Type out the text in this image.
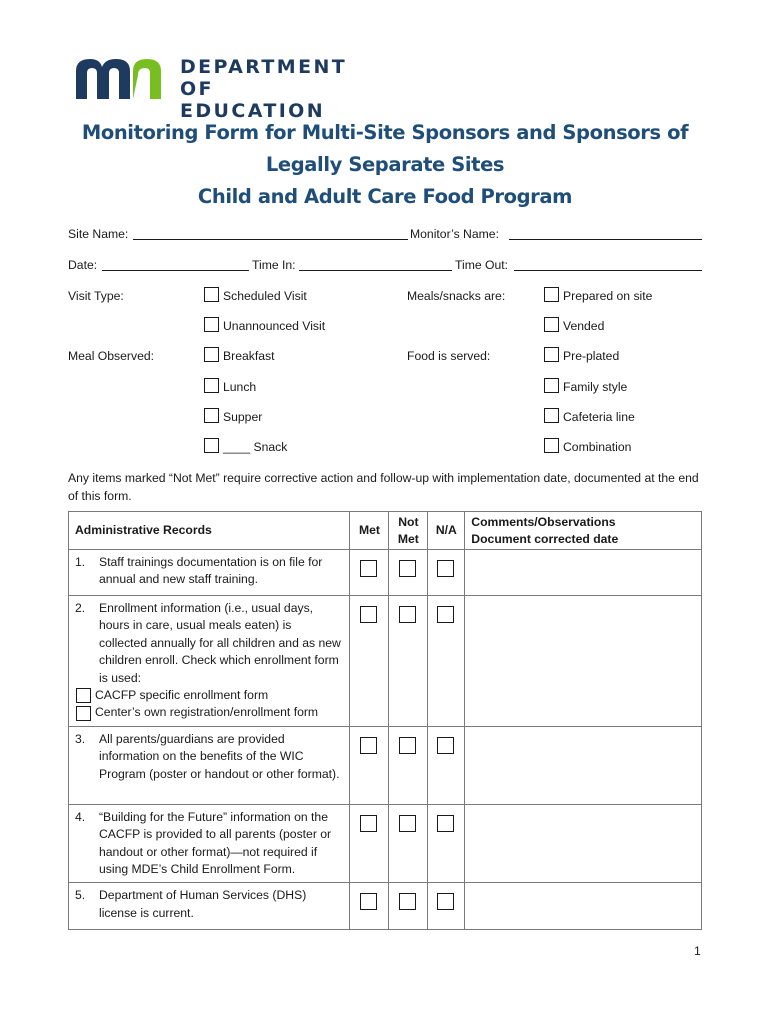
DEPARTMENT
OF EDUCATION
Monitoring Form for Multi-Site Sponsors and Sponsors of
Legally Separate Sites
Child and Adult Care Food Program
Site Name:	Monitor’s Name:
Date:	Time In:	Time Out:
Visit Type:	Scheduled Visit
Unannounced Visit
Meals/snacks are:	Prepared on site
Vended
Meal Observed:	Breakfast
Lunch
Supper
____ Snack
Food is served:	Pre-plated
Family style
Cafeteria line
Combination
Any items marked “Not Met” require corrective action and follow-up with implementation date, documented at the end of this form.
Administrative Records	Met	Not Met	N/A	Comments/Observations
Document corrected date

1. Staff trainings documentation is on file for annual and new staff training.				

2. Enrollment information (i.e., usual days, hours in care, usual meals eaten) is collected annually for all children and as new children enroll. Check which enrollment form is used:
CACFP specific enrollment form
Center’s own registration/enrollment form				

3. All parents/guardians are provided information on the benefits of the WIC Program (poster or handout or other format).				

4. “Building for the Future” information on the CACFP is provided to all parents (poster or handout or other format)—not required if using MDE’s Child Enrollment Form.				

5. Department of Human Services (DHS) license is current.				

1
